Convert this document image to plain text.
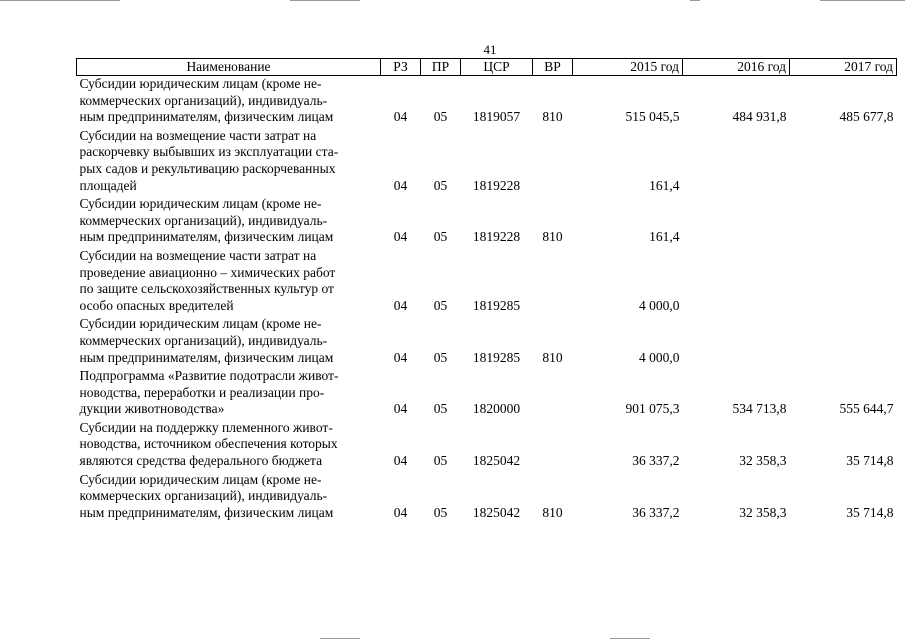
41
Наименование	РЗ	ПР	ЦСР	ВР	2015 год	2016 год	2017 год

Субсидии юридическим лицам (кроме не-
коммерческих организаций), индивидуаль-
ным предпринимателям, физическим лицам	04	05	1819057	810	515 045,5	484 931,8	485 677,8

Субсидии на возмещение части затрат на
раскорчевку выбывших из эксплуатации ста-
рых садов и рекультивацию раскорчеванных
площадей	04	05	1819228		161,4		

Субсидии юридическим лицам (кроме не-
коммерческих организаций), индивидуаль-
ным предпринимателям, физическим лицам	04	05	1819228	810	161,4		

Субсидии на возмещение части затрат на
проведение авиационно – химических работ
по защите сельскохозяйственных культур от
особо опасных вредителей	04	05	1819285		4 000,0		

Субсидии юридическим лицам (кроме не-
коммерческих организаций), индивидуаль-
ным предпринимателям, физическим лицам	04	05	1819285	810	4 000,0		

Подпрограмма «Развитие подотрасли живот-
новодства, переработки и реализации про-
дукции животноводства»	04	05	1820000		901 075,3	534 713,8	555 644,7

Субсидии на поддержку племенного живот-
новодства, источником обеспечения которых
являются средства федерального бюджета	04	05	1825042		36 337,2	32 358,3	35 714,8

Субсидии юридическим лицам (кроме не-
коммерческих организаций), индивидуаль-
ным предпринимателям, физическим лицам	04	05	1825042	810	36 337,2	32 358,3	35 714,8
